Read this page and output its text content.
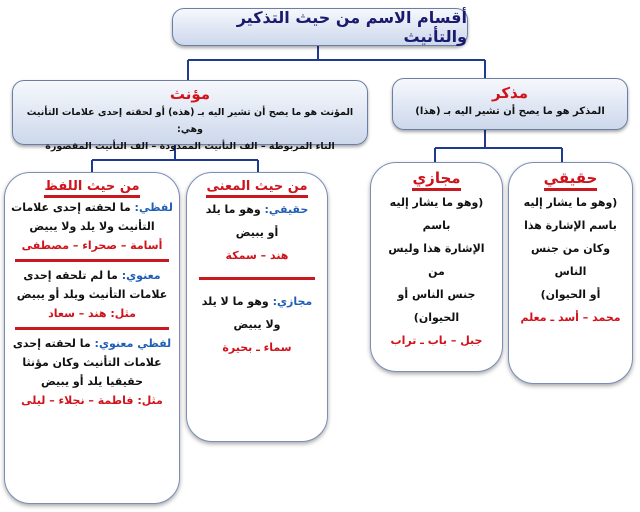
أقسام الاسم من حيث التذكير والتأنيث
مذكر
المذكر هو ما يصح أن تشير اليه بـ (هذا)
مؤنث
المؤنث هو ما يصح أن تشير اليه بـ (هذه) أو لحقته إحدى علامات التأنيث وهي:
التاء المربوطة – الف التأنيث الممدودة – الف التأنيث المقصورة
حقيقي
(وهو ما يشار إليه
باسم الإشارة هذا
وكان من جنس الناس
أو الحيوان)
محمد – أسد ـ معلم
مجازي
(وهو ما يشار إليه باسم
الإشارة هذا وليس من
جنس الناس أو الحيوان)
جبل – باب ـ تراب
من حيث المعنى
حقيقي: وهو ما يلد
أو يبيض
هند – سمكة
مجازي: وهو ما لا يلد
ولا يبيض
سماء ـ بحيرة
من حيث اللفظ
لفظي: ما لحقته إحدى علامات
التأنيث ولا يلد ولا يبيض
أسامة – صحراء – مصطفى
معنوي: ما لم تلحقه إحدى
علامات التأنيث ويلد أو يبيض
مثل: هند – سعاد
لفظي معنوي: ما لحقته إحدى
علامات التأنيث وكان مؤنثا
حقيقيا يلد أو يبيض
مثل: فاطمة – نجلاء – ليلى
